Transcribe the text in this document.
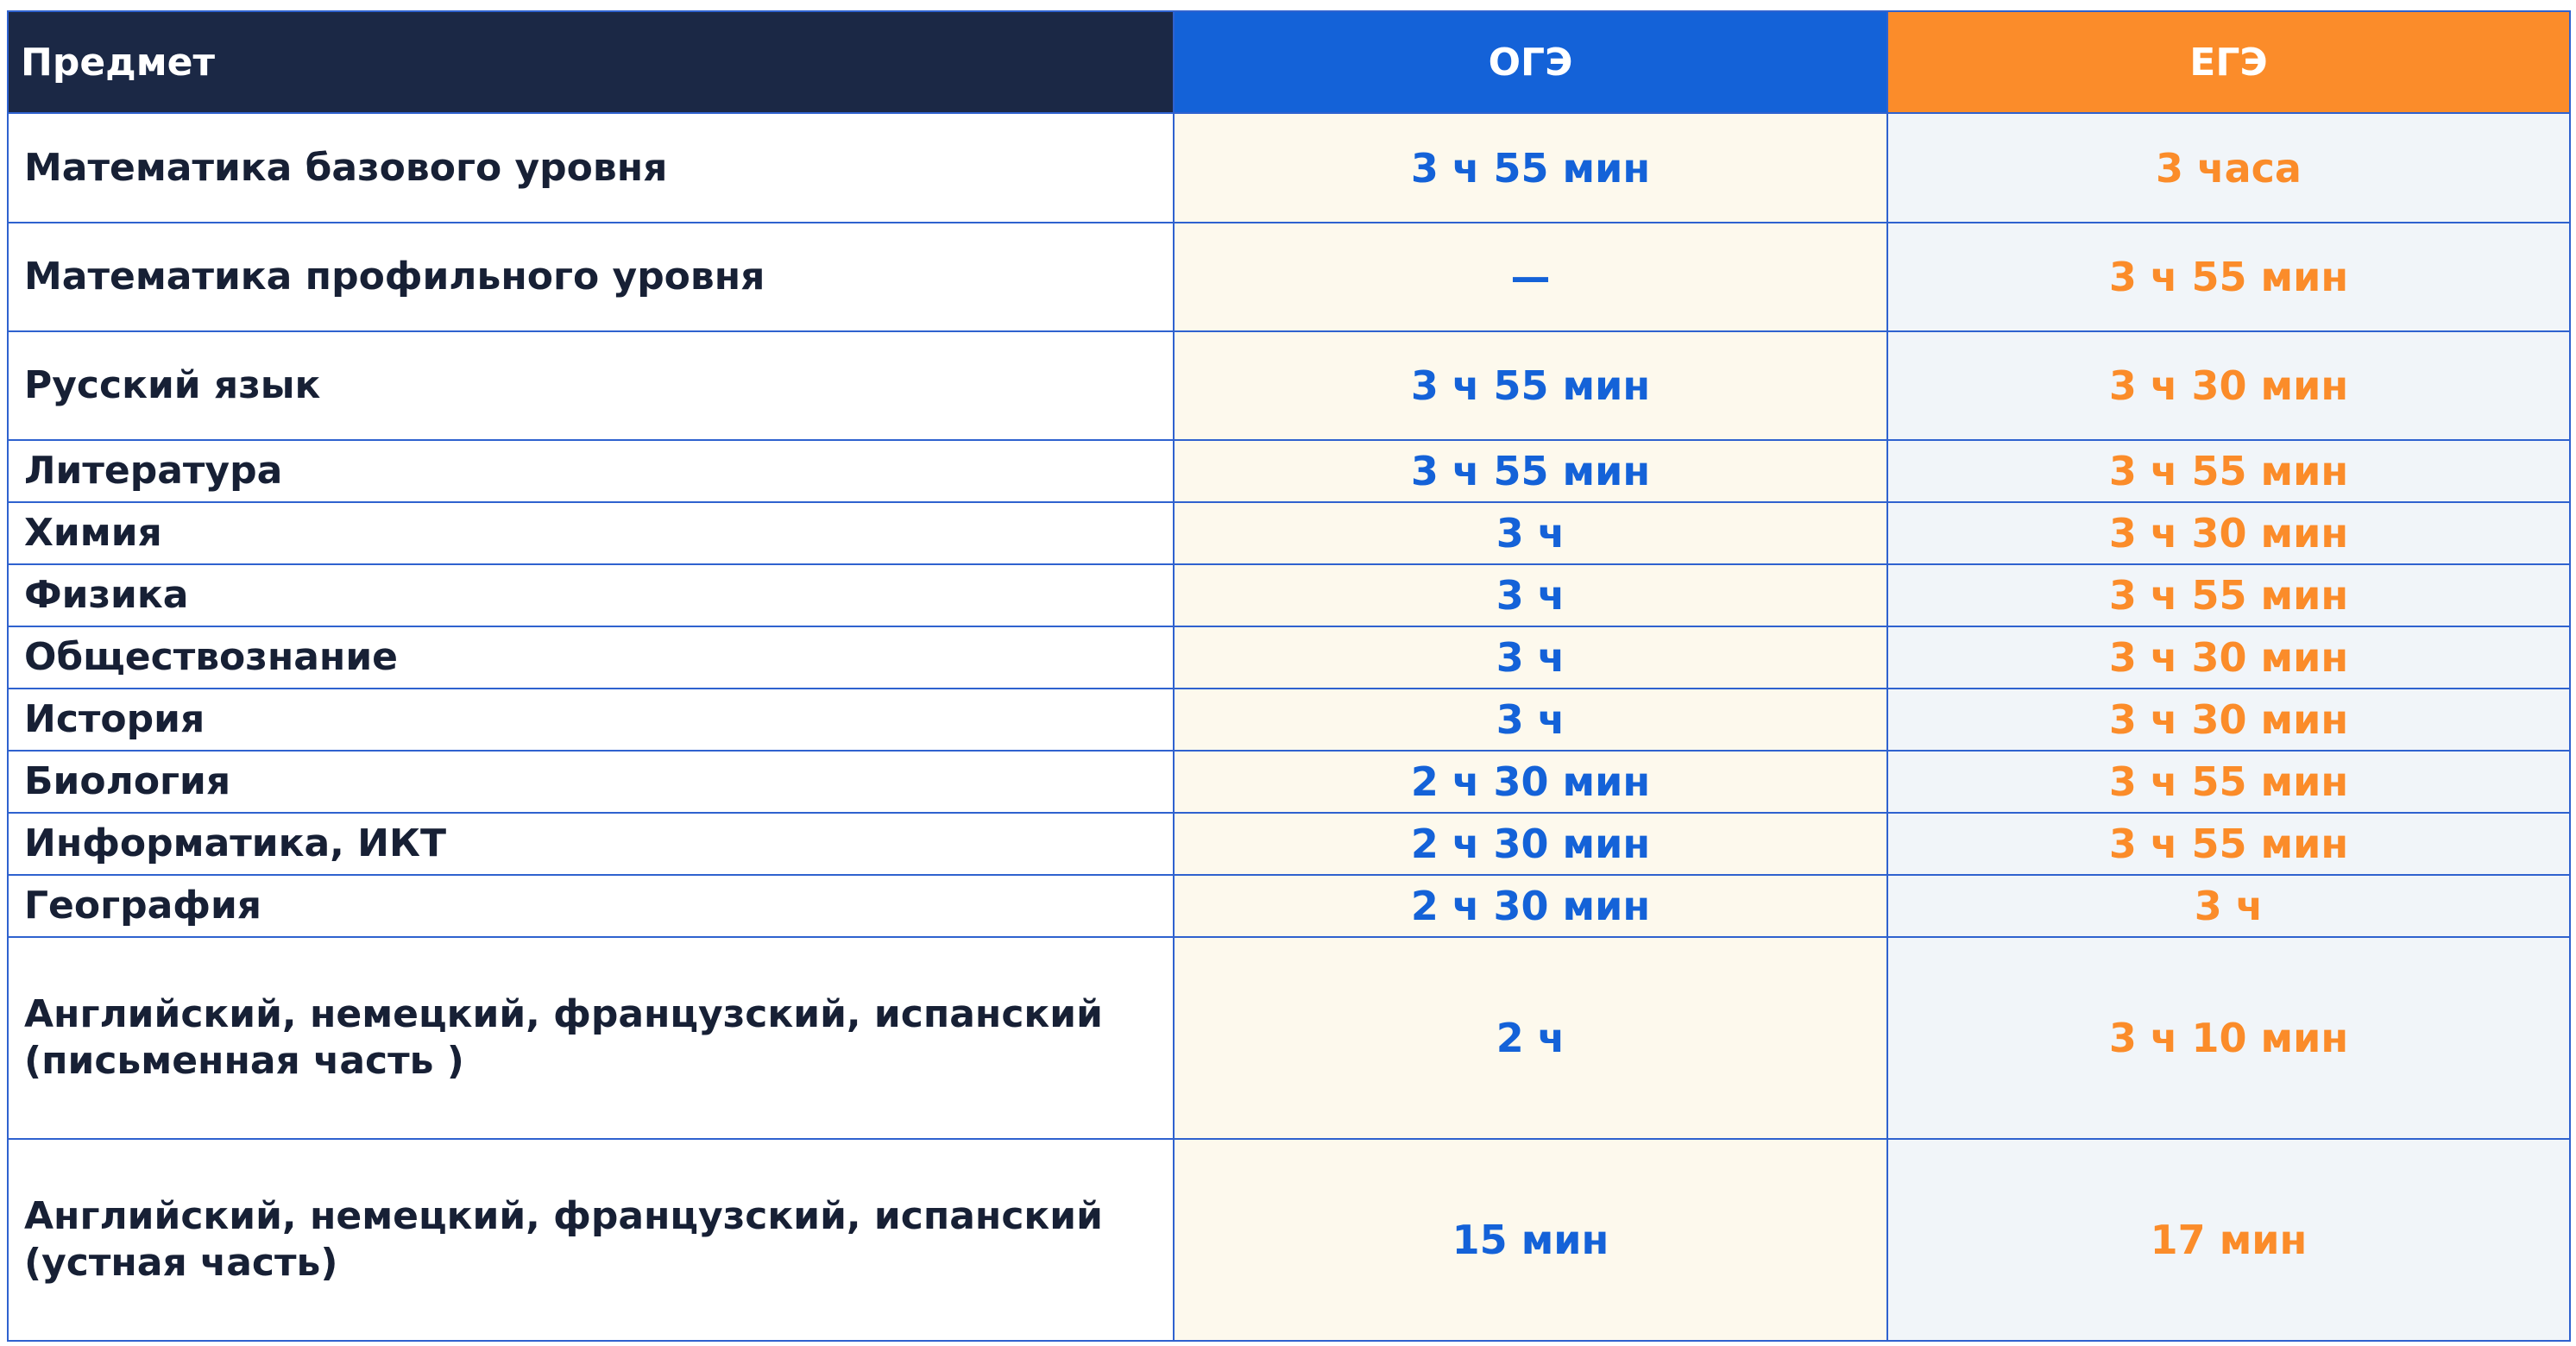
Предмет	ОГЭ	ЕГЭ
Математика базового уровня	3 ч 55 мин	3 часа
Математика профильного уровня	—	3 ч 55 мин
Русский язык	3 ч 55 мин	3 ч 30 мин
Литература	3 ч 55 мин	3 ч 55 мин
Химия	3 ч	3 ч 30 мин
Физика	3 ч	3 ч 55 мин
Обществознание	3 ч	3 ч 30 мин
История	3 ч	3 ч 30 мин
Биология	2 ч 30 мин	3 ч 55 мин
Информатика, ИКТ	2 ч 30 мин	3 ч 55 мин
География	2 ч 30 мин	3 ч
Английский, немецкий, французский, испанский
(письменная часть )	2 ч	3 ч 10 мин
Английский, немецкий, французский, испанский
(устная часть)	15 мин	17 мин
